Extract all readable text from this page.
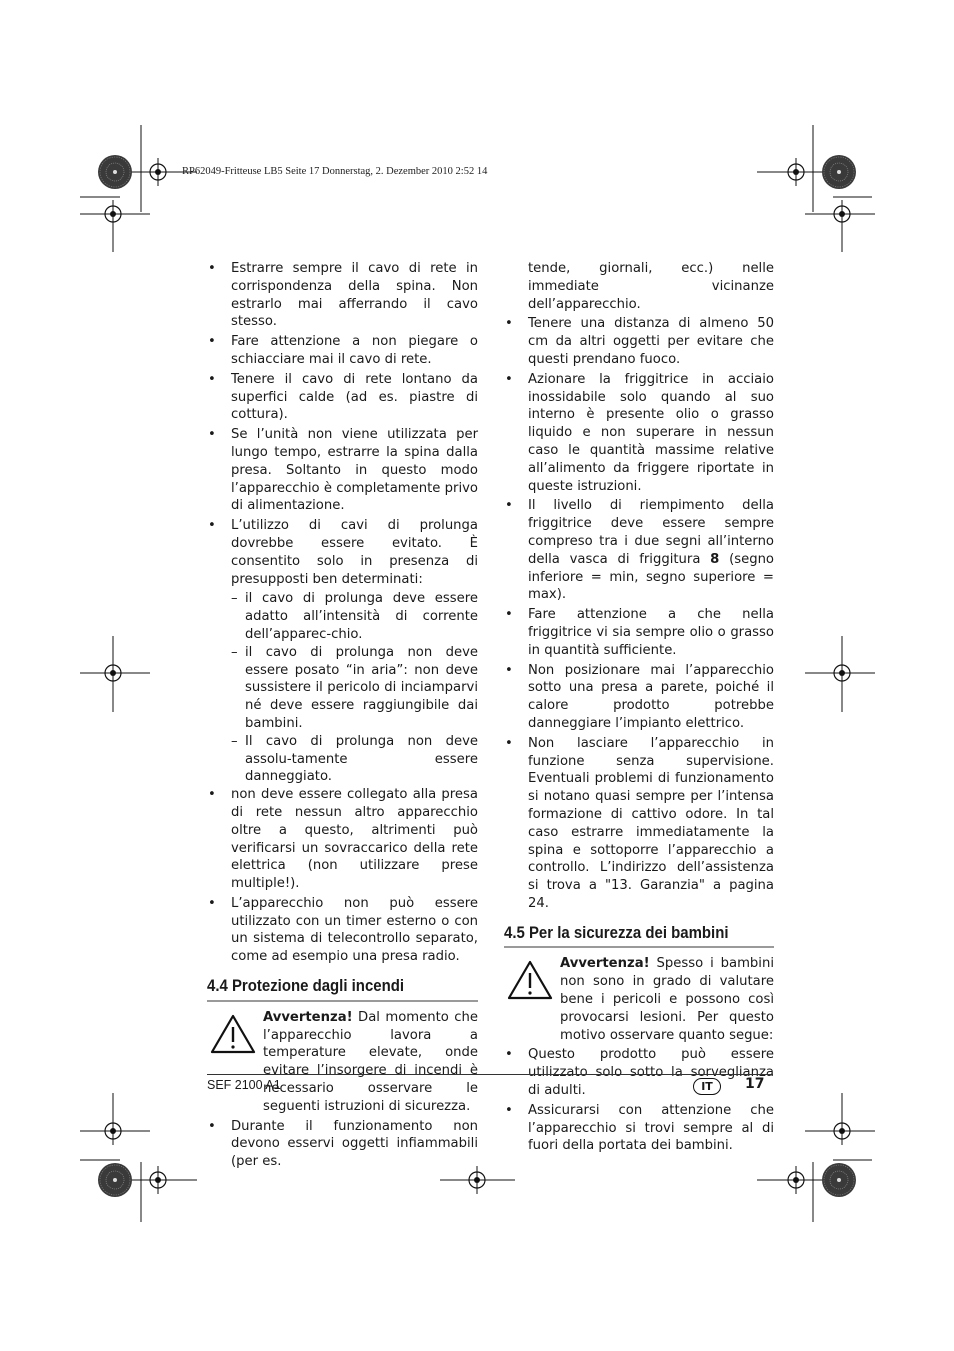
RP62049-Fritteuse LB5 Seite 17 Donnerstag, 2. Dezember 2010 2:52 14
• Estrarre sempre il cavo di rete in corrispondenza della spina. Non estrarlo mai afferrando il cavo stesso.
• Fare attenzione a non piegare o schiacciare mai il cavo di rete.
• Tenere il cavo di rete lontano da superfici calde (ad es. piastre di cottura).
• Se l’unità non viene utilizzata per lungo tempo, estrarre la spina dalla presa. Soltanto in questo modo l’apparecchio è completamente privo di alimentazione.
• L’utilizzo di cavi di prolunga dovrebbe essere evitato. È consentito solo in presenza di presupposti ben determinati:
– il cavo di prolunga deve essere adatto all’intensità di corrente dell’apparec-chio.
– il cavo di prolunga non deve essere posato “in aria”: non deve sussistere il pericolo di inciamparvi né deve essere raggiungibile dai bambini.
– Il cavo di prolunga non deve assolu-tamente essere danneggiato.
• non deve essere collegato alla presa di rete nessun altro apparecchio oltre a questo, altrimenti può verificarsi un sovraccarico della rete elettrica (non utilizzare prese multiple!).
• L’apparecchio non può essere utilizzato con un timer esterno o con un sistema di telecontrollo separato, come ad esempio una presa radio.
4.4 Protezione dagli incendi
Avvertenza! Dal momento che l’apparecchio lavora a temperature elevate, onde evitare l’insorgere di incendi è necessario osservare le seguenti istruzioni di sicurezza.
• Durante il funzionamento non devono esservi oggetti infiammabili (per es.
tende, giornali, ecc.) nelle immediate vicinanze dell’apparecchio.
• Tenere una distanza di almeno 50 cm da altri oggetti per evitare che questi prendano fuoco.
• Azionare la friggitrice in acciaio inossidabile solo quando al suo interno è presente olio o grasso liquido e non superare in nessun caso le quantità massime relative all’alimento da friggere riportate in queste istruzioni.
• Il livello di riempimento della friggitrice deve essere sempre compreso tra i due segni all’interno della vasca di friggitura 8 (segno inferiore = min, segno superiore = max).
• Fare attenzione a che nella friggitrice vi sia sempre olio o grasso in quantità sufficiente.
• Non posizionare mai l’apparecchio sotto una presa a parete, poiché il calore prodotto potrebbe danneggiare l’impianto elettrico.
• Non lasciare l’apparecchio in funzione senza supervisione. Eventuali problemi di funzionamento si notano quasi sempre per l’intensa formazione di cattivo odore. In tal caso estrarre immediatamente la spina e sottoporre l’apparecchio a controllo. L’indirizzo dell’assistenza si trova a "13. Garanzia" a pagina 24.
4.5 Per la sicurezza dei bambini
Avvertenza! Spesso i bambini non sono in grado di valutare bene i pericoli e possono così provocarsi lesioni. Per questo motivo osservare quanto segue:
• Questo prodotto può essere utilizzato solo sotto la sorveglianza di adulti.
• Assicurarsi con attenzione che l’apparecchio si trovi sempre al di fuori della portata dei bambini.
SEF 2100 A1	IT	17
